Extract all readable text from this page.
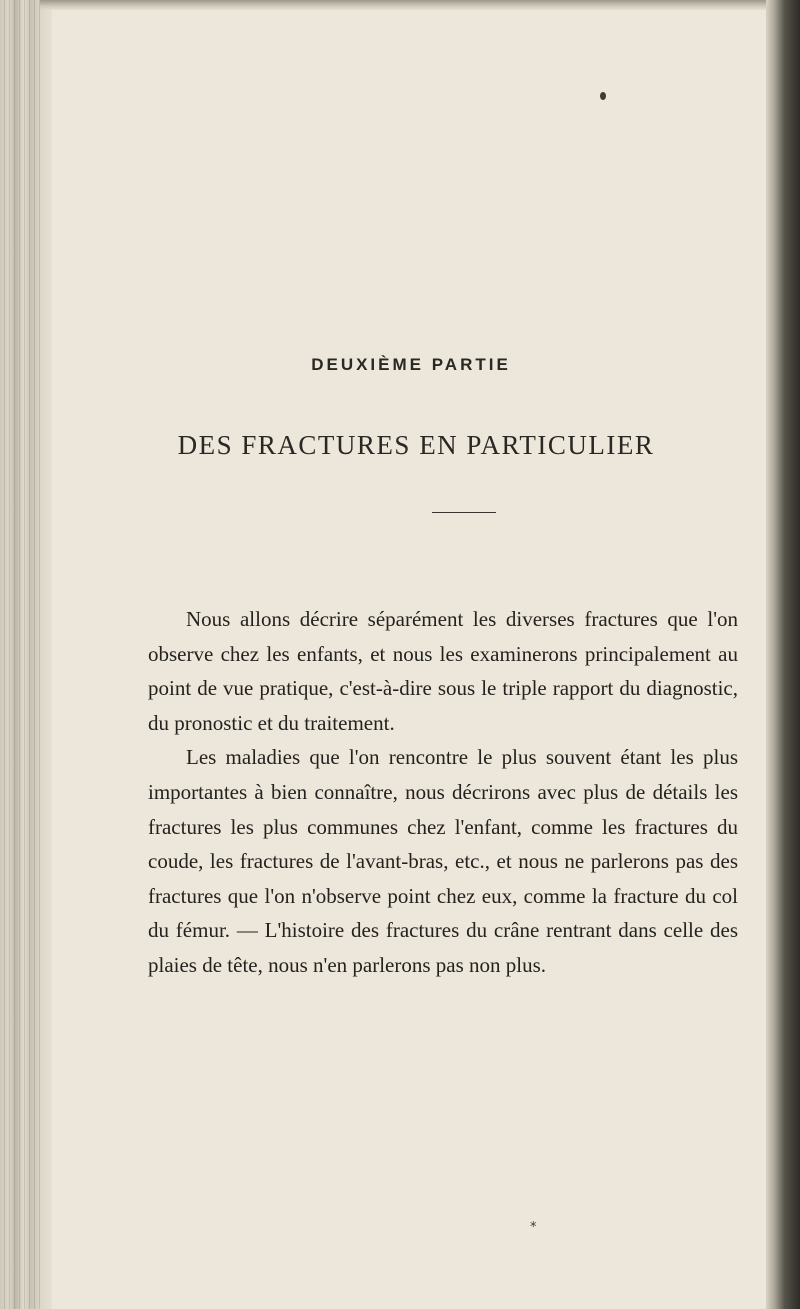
DEUXIÈME PARTIE
DES FRACTURES EN PARTICULIER

Nous allons décrire séparément les diverses fractures que l'on observe chez les enfants, et nous les examinerons principalement au point de vue pratique, c'est-à-dire sous le triple rapport du diagnostic, du pronostic et du traitement.

Les maladies que l'on rencontre le plus souvent étant les plus importantes à bien connaître, nous décrirons avec plus de détails les fractures les plus communes chez l'enfant, comme les fractures du coude, les fractures de l'avant-bras, etc., et nous ne parlerons pas des fractures que l'on n'observe point chez eux, comme la fracture du col du fémur. — L'histoire des fractures du crâne rentrant dans celle des plaies de tête, nous n'en parlerons pas non plus.

*
